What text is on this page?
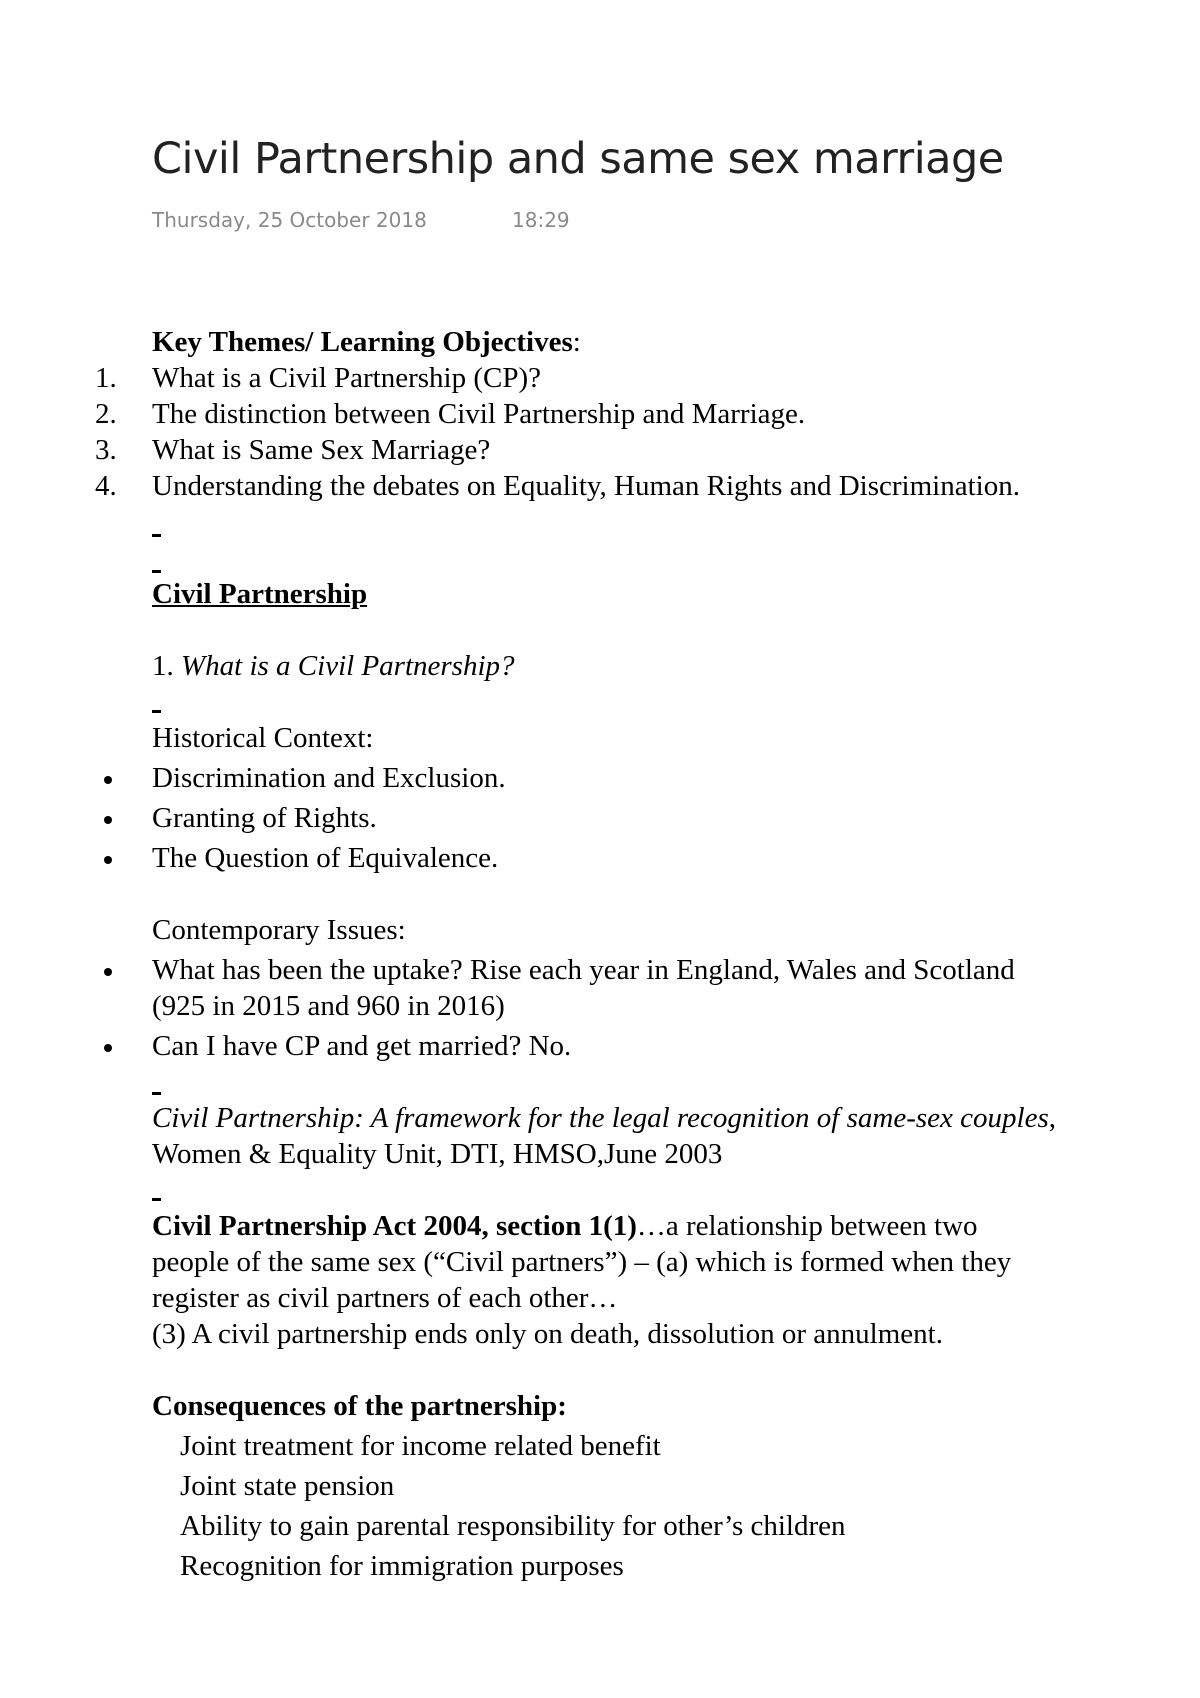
Civil Partnership and same sex marriage
Thursday, 25 October 2018	18:29
Key Themes/ Learning Objectives:
1. What is a Civil Partnership (CP)?
2. The distinction between Civil Partnership and Marriage.
3. What is Same Sex Marriage?
4. Understanding the debates on Equality, Human Rights and Discrimination.
Civil Partnership
1. What is a Civil Partnership?
Historical Context:
Discrimination and Exclusion.
Granting of Rights.
The Question of Equivalence.
Contemporary Issues:
What has been the uptake? Rise each year in England, Wales and Scotland
(925 in 2015 and 960 in 2016)
Can I have CP and get married? No.
Civil Partnership: A framework for the legal recognition of same-sex couples,
Women & Equality Unit, DTI, HMSO,June 2003
Civil Partnership Act 2004, section 1(1)…a relationship between two
people of the same sex (“Civil partners”) – (a) which is formed when they
register as civil partners of each other…
(3) A civil partnership ends only on death, dissolution or annulment.
Consequences of the partnership:
Joint treatment for income related benefit
Joint state pension
Ability to gain parental responsibility for other’s children
Recognition for immigration purposes
